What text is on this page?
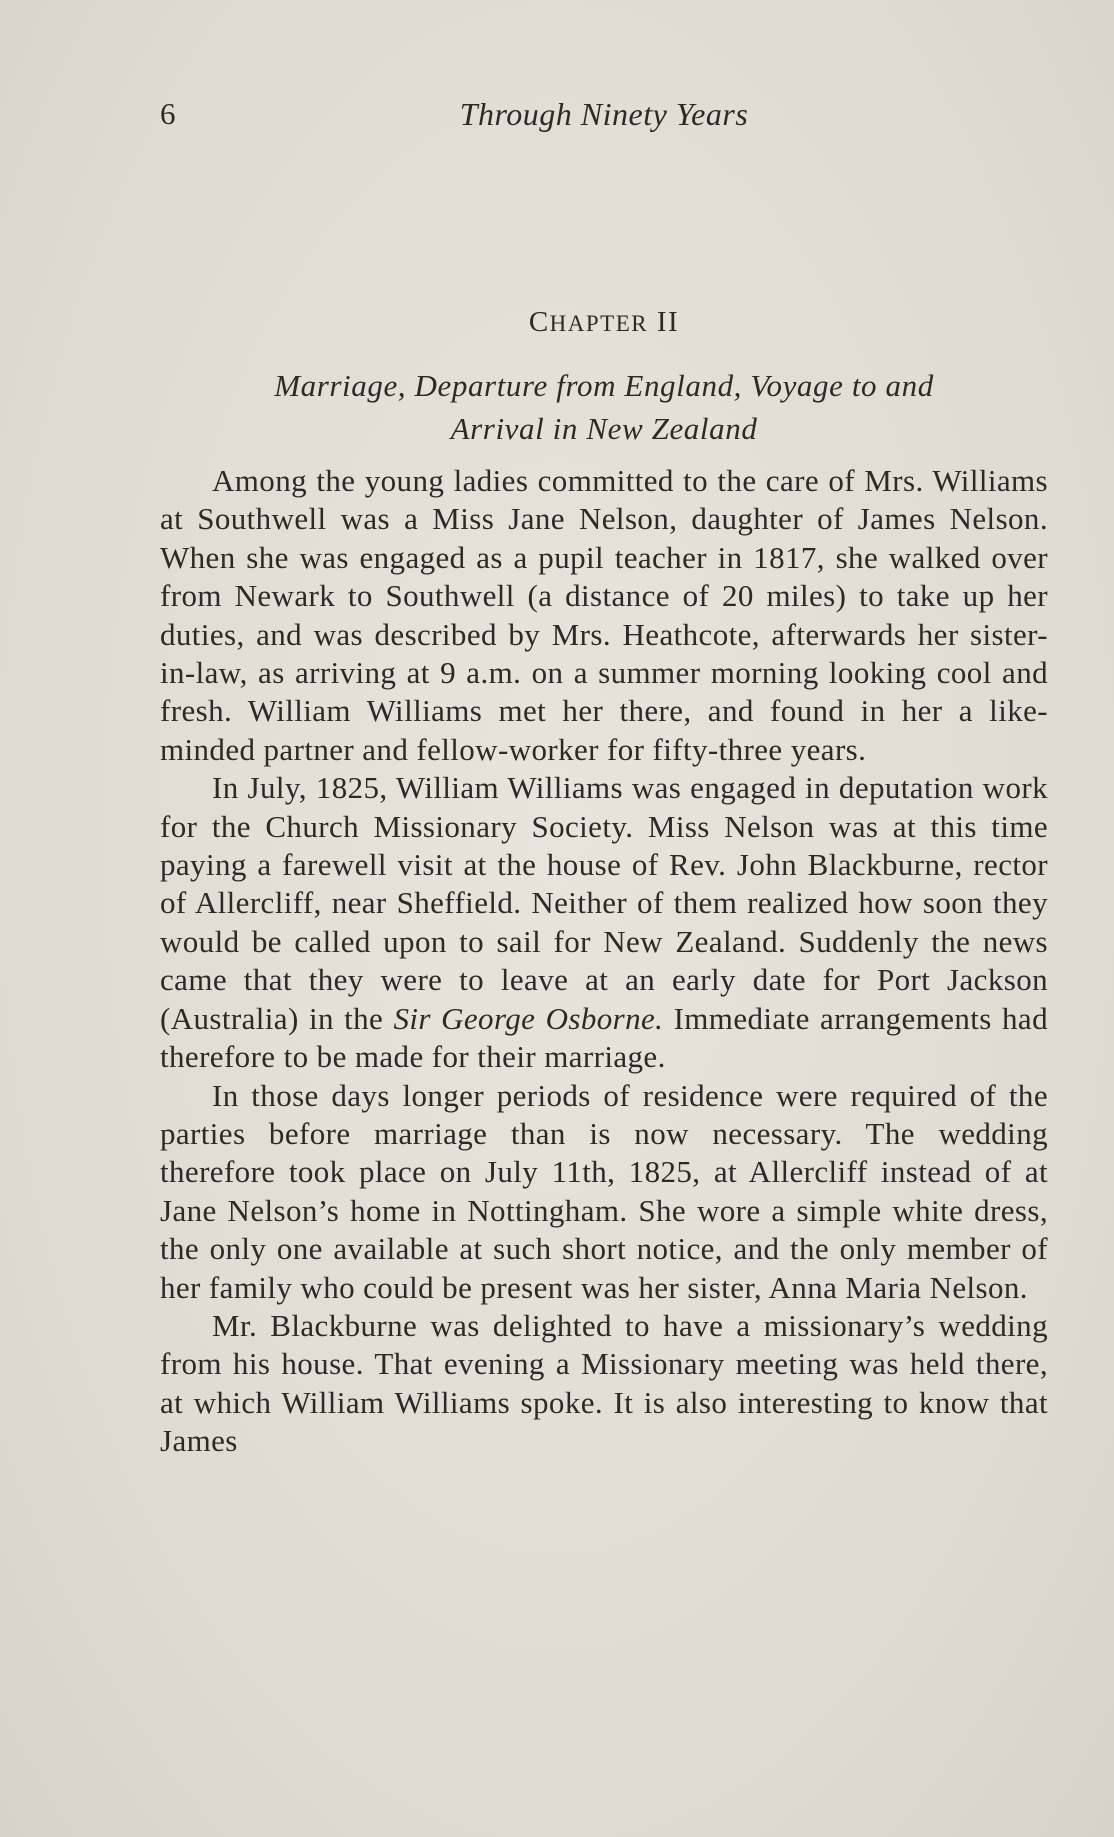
6	Through Ninety Years
CHAPTER II
Marriage, Departure from England, Voyage to and
Arrival in New Zealand

Among the young ladies committed to the care of Mrs. Williams at Southwell was a Miss Jane Nelson, daughter of James Nelson. When she was engaged as a pupil teacher in 1817, she walked over from Newark to Southwell (a distance of 20 miles) to take up her duties, and was described by Mrs. Heathcote, afterwards her sister-in-law, as arriving at 9 a.m. on a summer morning looking cool and fresh. William Williams met her there, and found in her a like-minded partner and fellow-worker for fifty-three years.

In July, 1825, William Williams was engaged in deputation work for the Church Missionary Society. Miss Nelson was at this time paying a farewell visit at the house of Rev. John Blackburne, rector of Allercliff, near Sheffield. Neither of them realized how soon they would be called upon to sail for New Zealand. Suddenly the news came that they were to leave at an early date for Port Jackson (Australia) in the Sir George Osborne. Immediate arrangements had therefore to be made for their marriage.

In those days longer periods of residence were required of the parties before marriage than is now necessary. The wedding therefore took place on July 11th, 1825, at Allercliff instead of at Jane Nelson’s home in Nottingham. She wore a simple white dress, the only one available at such short notice, and the only member of her family who could be present was her sister, Anna Maria Nelson.

Mr. Blackburne was delighted to have a missionary’s wedding from his house. That evening a Missionary meeting was held there, at which William Williams spoke. It is also interesting to know that James
